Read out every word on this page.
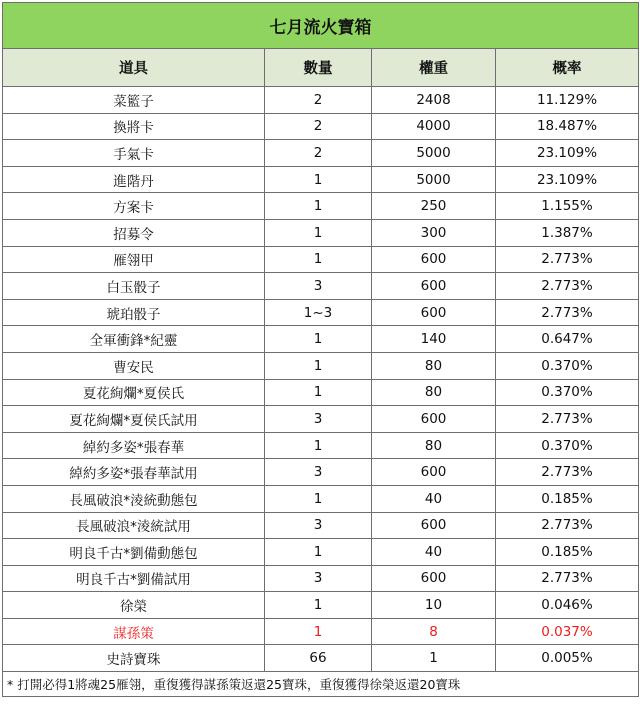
七月流火寶箱			
道具	數量	權重	概率
菜籃子	2	2408	11.129%
換將卡	2	4000	18.487%
手氣卡	2	5000	23.109%
進階丹	1	5000	23.109%
方案卡	1	250	1.155%
招募令	1	300	1.387%
雁翎甲	1	600	2.773%
白玉骰子	3	600	2.773%
琥珀骰子	1~3	600	2.773%
全軍衝鋒*紀靈	1	140	0.647%
曹安民	1	80	0.370%
夏花絢爛*夏侯氏	1	80	0.370%
夏花絢爛*夏侯氏試用	3	600	2.773%
綽約多姿*張春華	1	80	0.370%
綽約多姿*張春華試用	3	600	2.773%
長風破浪*淩統動態包	1	40	0.185%
長風破浪*淩統試用	3	600	2.773%
明良千古*劉備動態包	1	40	0.185%
明良千古*劉備試用	3	600	2.773%
徐榮	1	10	0.046%
謀孫策	1	8	0.037%
史詩寶珠	66	1	0.005%
* 打開必得1將魂25雁翎，重復獲得謀孫策返還25寶珠，重復獲得徐榮返還20寶珠			
